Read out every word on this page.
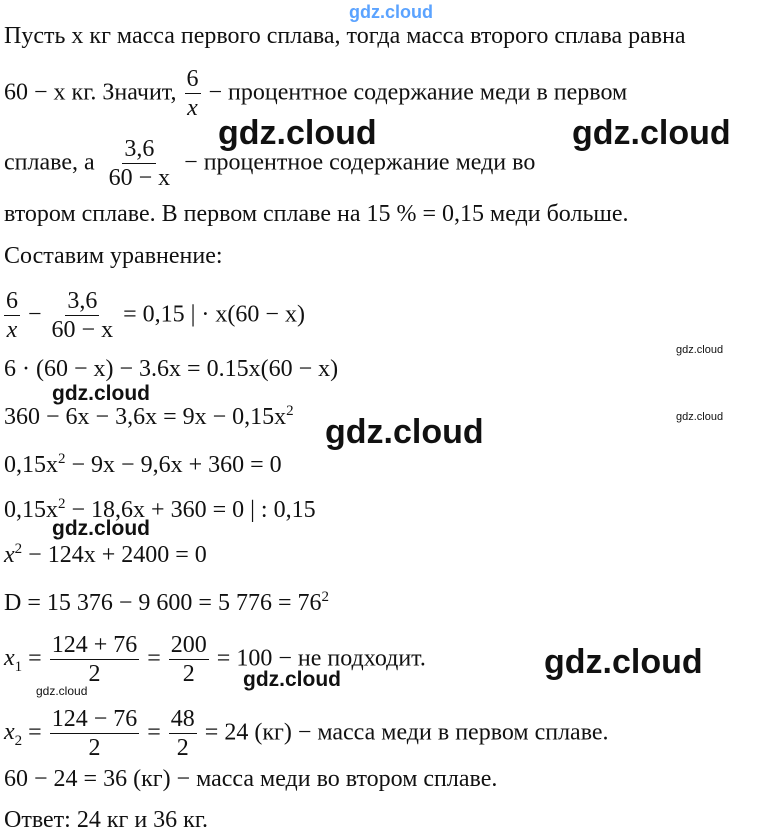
gdz.cloud
Пусть x кг масса первого сплава, тогда масса второго сплава равна
60 − x кг. Значит, $\frac{6}{x}$ − процентное содержание меди в первом
сплаве, а $\frac{3,6}{60 - x}$ − процентное содержание меди во
втором сплаве. В первом сплаве на 15 % = 0,15 меди больше.
Составим уравнение:
$\frac{6}{x} - \frac{3,6}{60 - x} = 0,15$ | · x(60 − x)
6 · (60 − x) − 3.6x = 0.15x(60 − x)
$360 - 6x - 3,6x = 9x - 0,15x^2$
$0,15x^2 - 9x - 9,6x + 360 = 0$
$0,15x^2 - 18,6x + 360 = 0$ | : 0,15
$x^2 - 124x + 2400 = 0$
D = 15 376 − 9 600 = 5 $776 = 76^2$
$x_1 = \frac{124 + 76}{2} = \frac{200}{2} = 100$ − не подходит.
$x_2 = \frac{124 - 76}{2} = \frac{48}{2} = 24$ (кг) − масса меди в первом сплаве.
60 − 24 = 36 (кг) − масса меди во втором сплаве.
Ответ: 24 кг и 36 кг.
gdz.cloud	gdz.cloud
gdz.cloud
gdz.cloud
gdz.cloud
gdz.cloud
gdz.cloud
gdz.cloud
gdz.cloud
gdz.cloud
